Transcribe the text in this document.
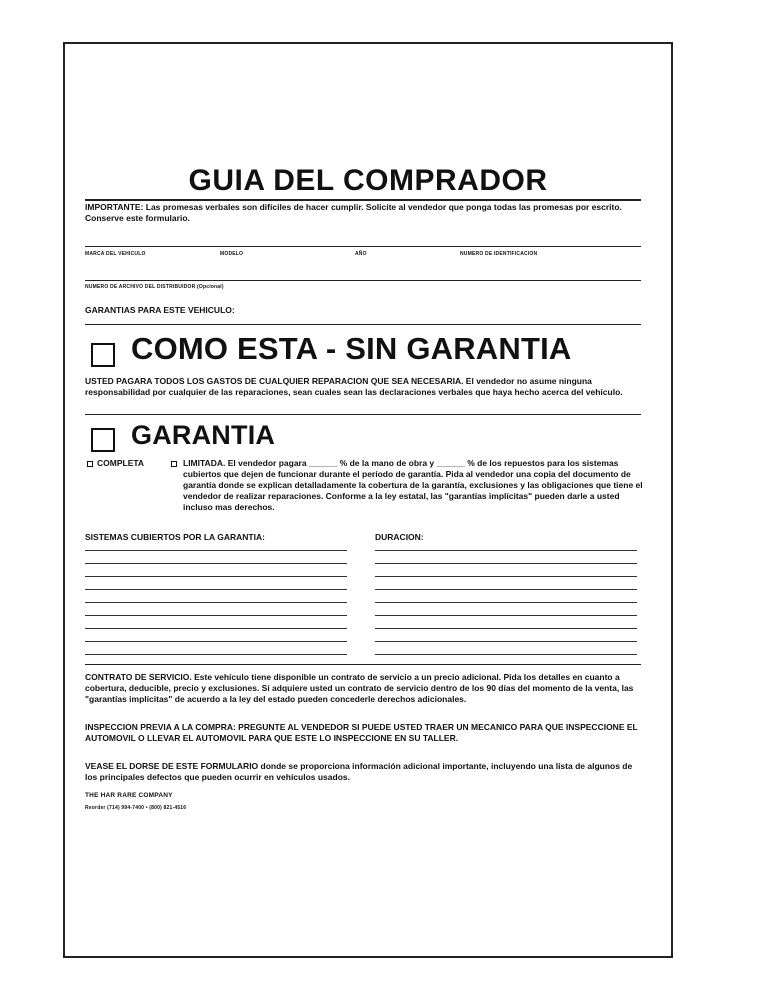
GUIA DEL COMPRADOR
IMPORTANTE: Las promesas verbales son difíciles de hacer cumplir. Solicite al vendedor que ponga todas las promesas por escrito. Conserve este formulario.
MARCA DEL VEHICULO	MODELO	AÑO	NUMERO DE IDENTIFICACION
NUMERO DE ARCHIVO DEL DISTRIBUIDOR (Opcional)
GARANTIAS PARA ESTE VEHICULO:
COMO ESTA - SIN GARANTIA
USTED PAGARA TODOS LOS GASTOS DE CUALQUIER REPARACION QUE SEA NECESARIA. El vendedor no asume ninguna responsabilidad por cualquier de las reparaciones, sean cuales sean las declaraciones verbales que haya hecho acerca del vehículo.
GARANTIA
COMPLETA	LIMITADA. El vendedor pagara ______ % de la mano de obra y ______ % de los repuestos para los sistemas cubiertos que dejen de funcionar durante el período de garantía. Pida al vendedor una copia del documento de garantía donde se explican detalladamente la cobertura de la garantía, exclusiones y las obligaciones que tiene el vendedor de realizar reparaciones. Conforme a la ley estatal, las "garantías implícitas" pueden darle a usted incluso mas derechos.
SISTEMAS CUBIERTOS POR LA GARANTIA:	DURACION:
CONTRATO DE SERVICIO. Este vehículo tiene disponible un contrato de servicio a un precio adicional. Pida los detalles en cuanto a cobertura, deducible, precio y exclusiones. Si adquiere usted un contrato de servicio dentro de los 90 días del momento de la venta, las "garantías implícitas" de acuerdo a la ley del estado pueden concederle derechos adicionales.
INSPECCION PREVIA A LA COMPRA: PREGUNTE AL VENDEDOR SI PUEDE USTED TRAER UN MECANICO PARA QUE INSPECCIONE EL AUTOMOVIL O LLEVAR EL AUTOMOVIL PARA QUE ESTE LO INSPECCIONE EN SU TALLER.
VEASE EL DORSE DE ESTE FORMULARIO donde se proporciona información adicional importante, incluyendo una lista de algunos de los principales defectos que pueden ocurrir en vehículos usados.
THE HAR RARE COMPANY
Reorder (714) 994-7400 • (800) 821-4516
